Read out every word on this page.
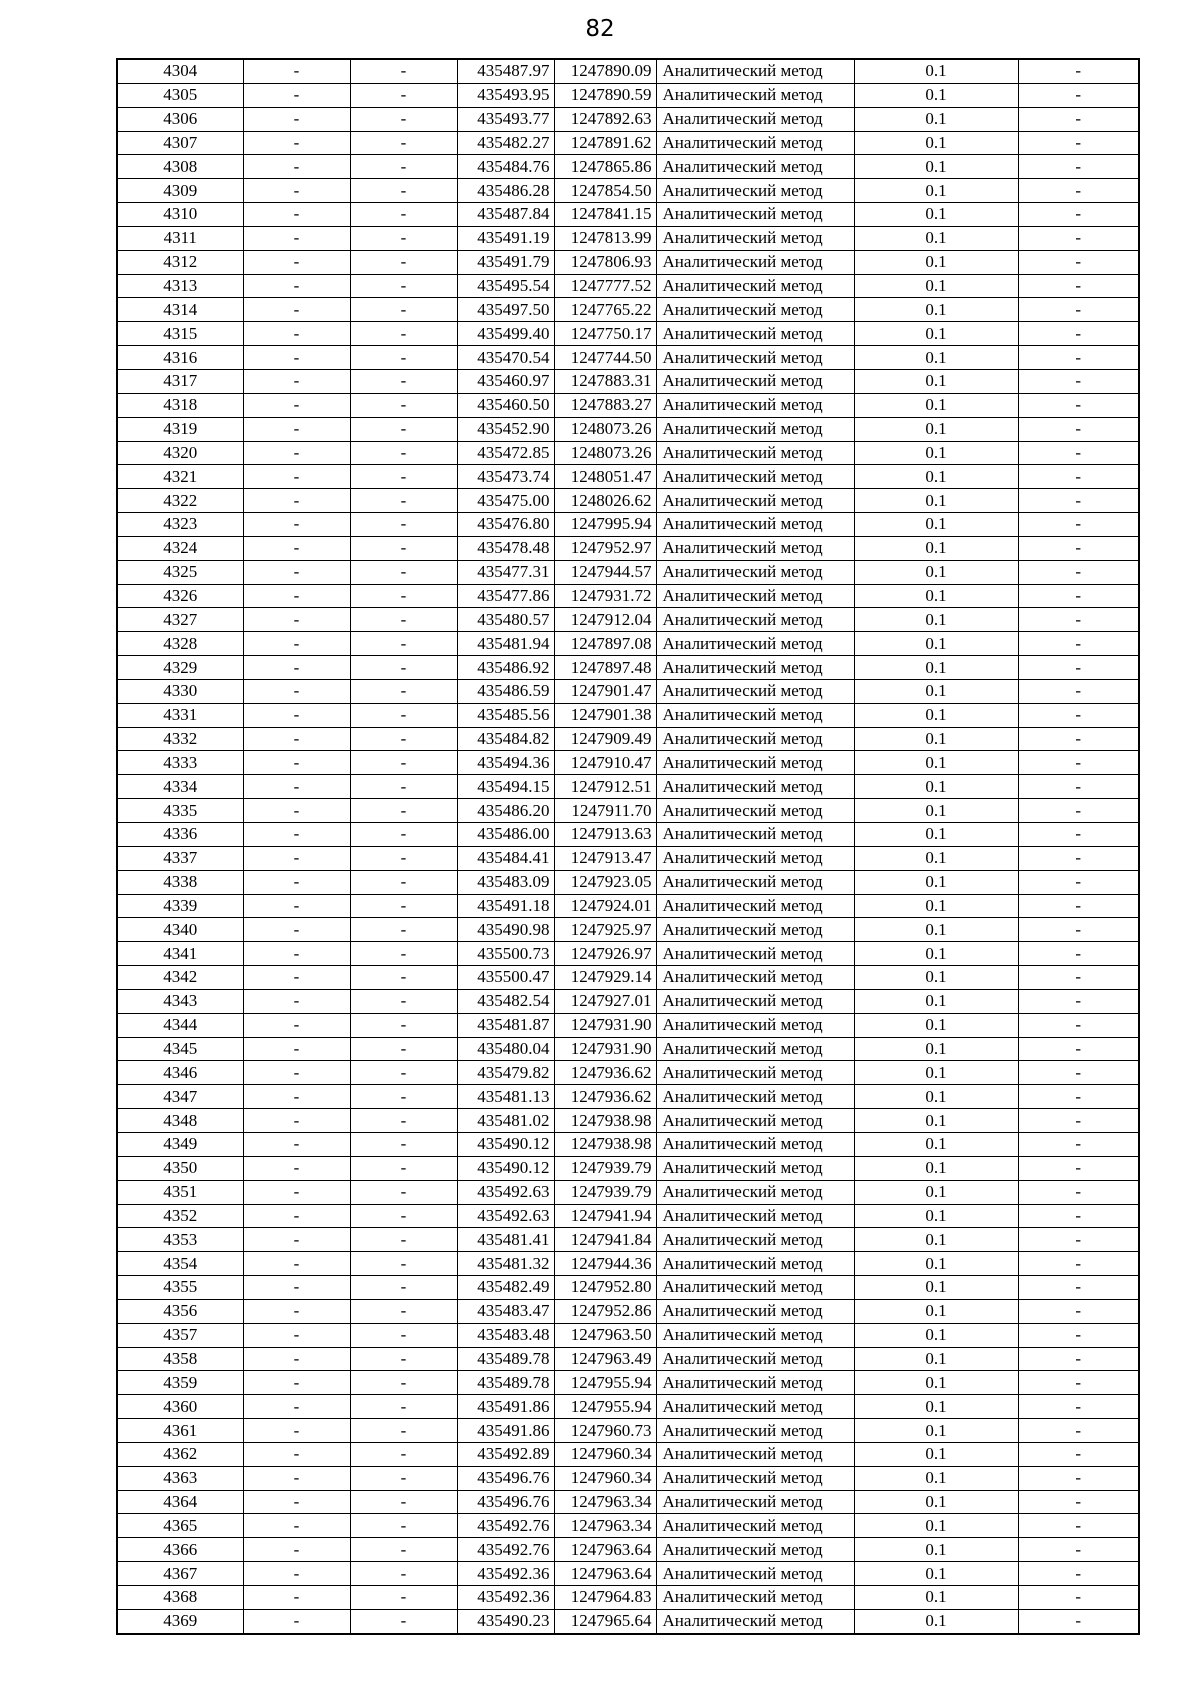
82
4304	-	-	435487.97	1247890.09	Аналитический метод	0.1	-
4305	-	-	435493.95	1247890.59	Аналитический метод	0.1	-
4306	-	-	435493.77	1247892.63	Аналитический метод	0.1	-
4307	-	-	435482.27	1247891.62	Аналитический метод	0.1	-
4308	-	-	435484.76	1247865.86	Аналитический метод	0.1	-
4309	-	-	435486.28	1247854.50	Аналитический метод	0.1	-
4310	-	-	435487.84	1247841.15	Аналитический метод	0.1	-
4311	-	-	435491.19	1247813.99	Аналитический метод	0.1	-
4312	-	-	435491.79	1247806.93	Аналитический метод	0.1	-
4313	-	-	435495.54	1247777.52	Аналитический метод	0.1	-
4314	-	-	435497.50	1247765.22	Аналитический метод	0.1	-
4315	-	-	435499.40	1247750.17	Аналитический метод	0.1	-
4316	-	-	435470.54	1247744.50	Аналитический метод	0.1	-
4317	-	-	435460.97	1247883.31	Аналитический метод	0.1	-
4318	-	-	435460.50	1247883.27	Аналитический метод	0.1	-
4319	-	-	435452.90	1248073.26	Аналитический метод	0.1	-
4320	-	-	435472.85	1248073.26	Аналитический метод	0.1	-
4321	-	-	435473.74	1248051.47	Аналитический метод	0.1	-
4322	-	-	435475.00	1248026.62	Аналитический метод	0.1	-
4323	-	-	435476.80	1247995.94	Аналитический метод	0.1	-
4324	-	-	435478.48	1247952.97	Аналитический метод	0.1	-
4325	-	-	435477.31	1247944.57	Аналитический метод	0.1	-
4326	-	-	435477.86	1247931.72	Аналитический метод	0.1	-
4327	-	-	435480.57	1247912.04	Аналитический метод	0.1	-
4328	-	-	435481.94	1247897.08	Аналитический метод	0.1	-
4329	-	-	435486.92	1247897.48	Аналитический метод	0.1	-
4330	-	-	435486.59	1247901.47	Аналитический метод	0.1	-
4331	-	-	435485.56	1247901.38	Аналитический метод	0.1	-
4332	-	-	435484.82	1247909.49	Аналитический метод	0.1	-
4333	-	-	435494.36	1247910.47	Аналитический метод	0.1	-
4334	-	-	435494.15	1247912.51	Аналитический метод	0.1	-
4335	-	-	435486.20	1247911.70	Аналитический метод	0.1	-
4336	-	-	435486.00	1247913.63	Аналитический метод	0.1	-
4337	-	-	435484.41	1247913.47	Аналитический метод	0.1	-
4338	-	-	435483.09	1247923.05	Аналитический метод	0.1	-
4339	-	-	435491.18	1247924.01	Аналитический метод	0.1	-
4340	-	-	435490.98	1247925.97	Аналитический метод	0.1	-
4341	-	-	435500.73	1247926.97	Аналитический метод	0.1	-
4342	-	-	435500.47	1247929.14	Аналитический метод	0.1	-
4343	-	-	435482.54	1247927.01	Аналитический метод	0.1	-
4344	-	-	435481.87	1247931.90	Аналитический метод	0.1	-
4345	-	-	435480.04	1247931.90	Аналитический метод	0.1	-
4346	-	-	435479.82	1247936.62	Аналитический метод	0.1	-
4347	-	-	435481.13	1247936.62	Аналитический метод	0.1	-
4348	-	-	435481.02	1247938.98	Аналитический метод	0.1	-
4349	-	-	435490.12	1247938.98	Аналитический метод	0.1	-
4350	-	-	435490.12	1247939.79	Аналитический метод	0.1	-
4351	-	-	435492.63	1247939.79	Аналитический метод	0.1	-
4352	-	-	435492.63	1247941.94	Аналитический метод	0.1	-
4353	-	-	435481.41	1247941.84	Аналитический метод	0.1	-
4354	-	-	435481.32	1247944.36	Аналитический метод	0.1	-
4355	-	-	435482.49	1247952.80	Аналитический метод	0.1	-
4356	-	-	435483.47	1247952.86	Аналитический метод	0.1	-
4357	-	-	435483.48	1247963.50	Аналитический метод	0.1	-
4358	-	-	435489.78	1247963.49	Аналитический метод	0.1	-
4359	-	-	435489.78	1247955.94	Аналитический метод	0.1	-
4360	-	-	435491.86	1247955.94	Аналитический метод	0.1	-
4361	-	-	435491.86	1247960.73	Аналитический метод	0.1	-
4362	-	-	435492.89	1247960.34	Аналитический метод	0.1	-
4363	-	-	435496.76	1247960.34	Аналитический метод	0.1	-
4364	-	-	435496.76	1247963.34	Аналитический метод	0.1	-
4365	-	-	435492.76	1247963.34	Аналитический метод	0.1	-
4366	-	-	435492.76	1247963.64	Аналитический метод	0.1	-
4367	-	-	435492.36	1247963.64	Аналитический метод	0.1	-
4368	-	-	435492.36	1247964.83	Аналитический метод	0.1	-
4369	-	-	435490.23	1247965.64	Аналитический метод	0.1	-
